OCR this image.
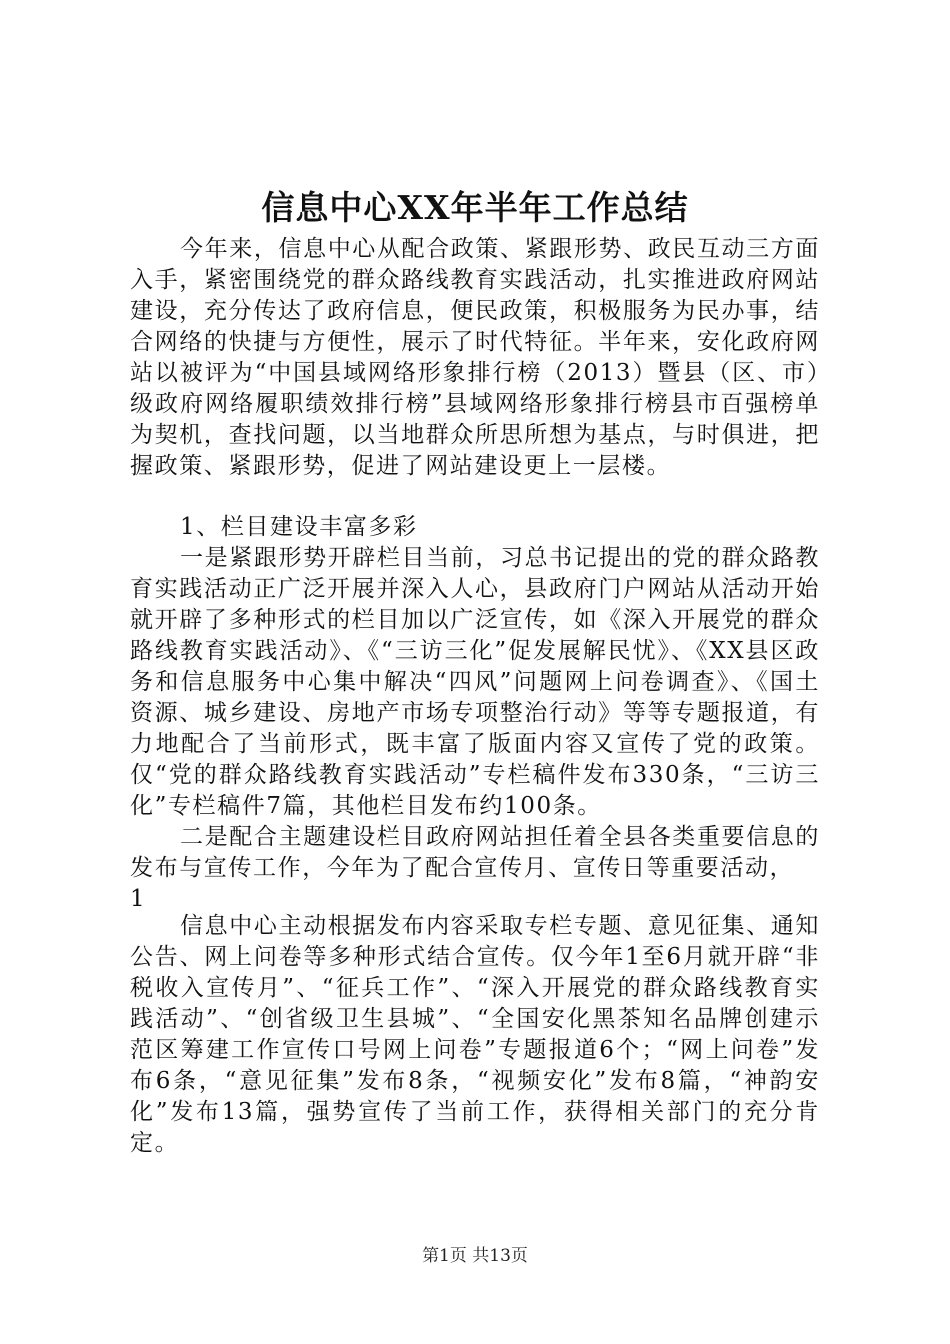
信息中心XX年半年工作总结

今年来，信息中心从配合政策、紧跟形势、政民互动三方面入手，紧密围绕党的群众路线教育实践活动，扎实推进政府网站建设，充分传达了政府信息，便民政策，积极服务为民办事，结合网络的快捷与方便性，展示了时代特征。半年来，安化政府网站以被评为“中国县域网络形象排行榜（2013）暨县（区、市）级政府网络履职绩效排行榜”县域网络形象排行榜县市百强榜单为契机，查找问题，以当地群众所思所想为基点，与时俱进，把握政策、紧跟形势，促进了网站建设更上一层楼。

1、栏目建设丰富多彩

一是紧跟形势开辟栏目当前，习总书记提出的党的群众路教育实践活动正广泛开展并深入人心，县政府门户网站从活动开始就开辟了多种形式的栏目加以广泛宣传，如《深入开展党的群众路线教育实践活动》、《“三访三化”促发展解民忧》、《XX县区政务和信息服务中心集中解决“四风”问题网上问卷调查》、《国土资源、城乡建设、房地产市场专项整治行动》等等专题报道，有力地配合了当前形式，既丰富了版面内容又宣传了党的政策。仅“党的群众路线教育实践活动”专栏稿件发布330条，“三访三化”专栏稿件7篇，其他栏目发布约100条。

二是配合主题建设栏目政府网站担任着全县各类重要信息的发布与宣传工作，今年为了配合宣传月、宣传日等重要活动，

1

信息中心主动根据发布内容采取专栏专题、意见征集、通知公告、网上问卷等多种形式结合宣传。仅今年1至6月就开辟“非税收入宣传月”、“征兵工作”、“深入开展党的群众路线教育实践活动”、“创省级卫生县城”、“全国安化黑茶知名品牌创建示范区筹建工作宣传口号网上问卷”专题报道6个；“网上问卷”发布6条，“意见征集”发布8条，“视频安化”发布8篇，“神韵安化”发布13篇，强势宣传了当前工作，获得相关部门的充分肯定。

第1页 共13页
